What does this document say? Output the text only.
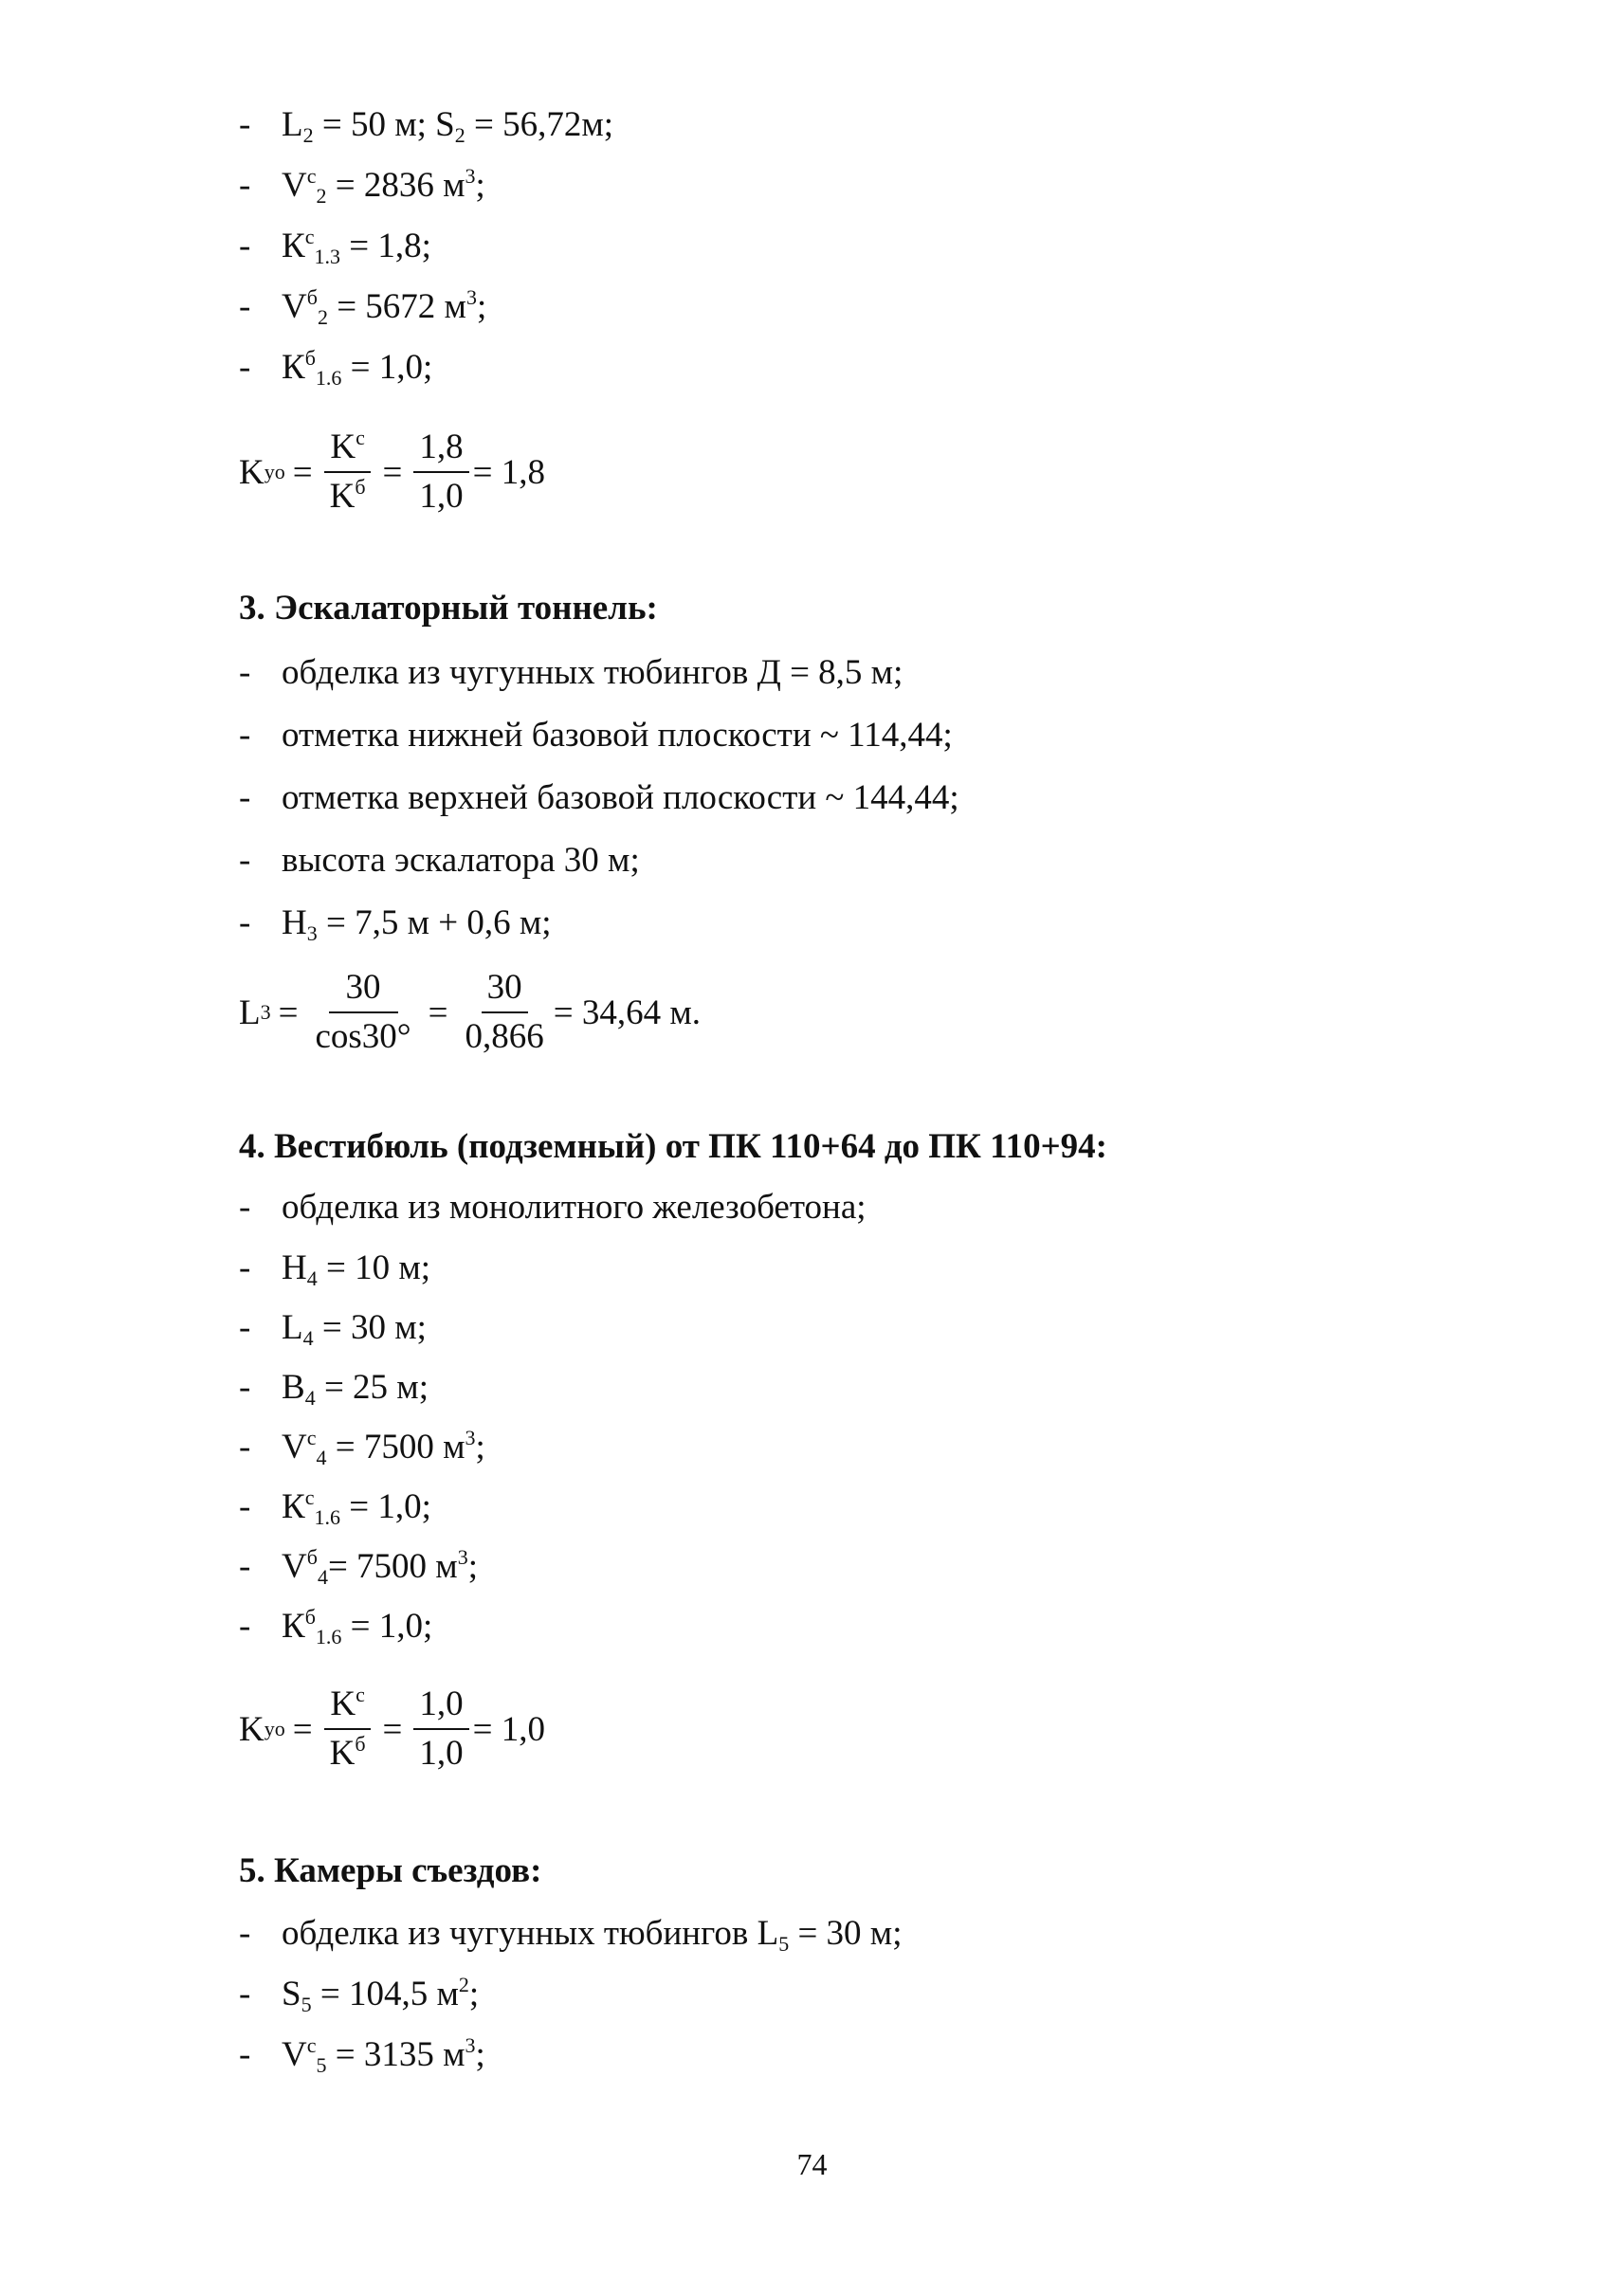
- $L_2 = 50$ м; $S_2 = 56,72м$;
- $V^с_2 = 2836$ $м^3$;
- $К^с_{1.3} = 1,8$;
- $V^б_2 = 5672$ $м^3$;
- $К^б_{1.6} = 1,0$;
K yo = $\frac{K^c}{K^б} = \frac{1,8}{1,0} = 1,8$
3. Эскалаторный тоннель:
- обделка из чугунных тюбингов Д = 8,5 м;
- отметка нижней базовой плоскости ~ 114,44;
- отметка верхней базовой плоскости ~ 144,44;
- высота эскалатора 30 м;
- $Н_3 = 7,5$ м + 0,6 м;
L $3 = \frac{30}{\cos 30^\circ} = \frac{30}{0,866} = 34,64$ м.
4. Вестибюль (подземный) от ПК 110+64 до ПК 110+94:
- обделка из монолитного железобетона;
- $Н_4 = 10$ м;
- $L_4 = 30$ м;
- $В_4 = 25$ м;
- $V^с_4 = 7500$ $м^3$;
- $К^с_{1.6} = 1,0$;
- $V^б_4= 7500$ $м^3$;
- $К^б_{1.6} = 1,0$;
K yo = $\frac{K^c}{K^б} = \frac{1,0}{1,0} = 1,0$
5. Камеры съездов:
- обделка из чугунных тюбингов $L_5 = 30$ м;
- $S_5 = 104,5$ $м^2$;
- $V^с_5 = 3135$ $м^3$;
74
